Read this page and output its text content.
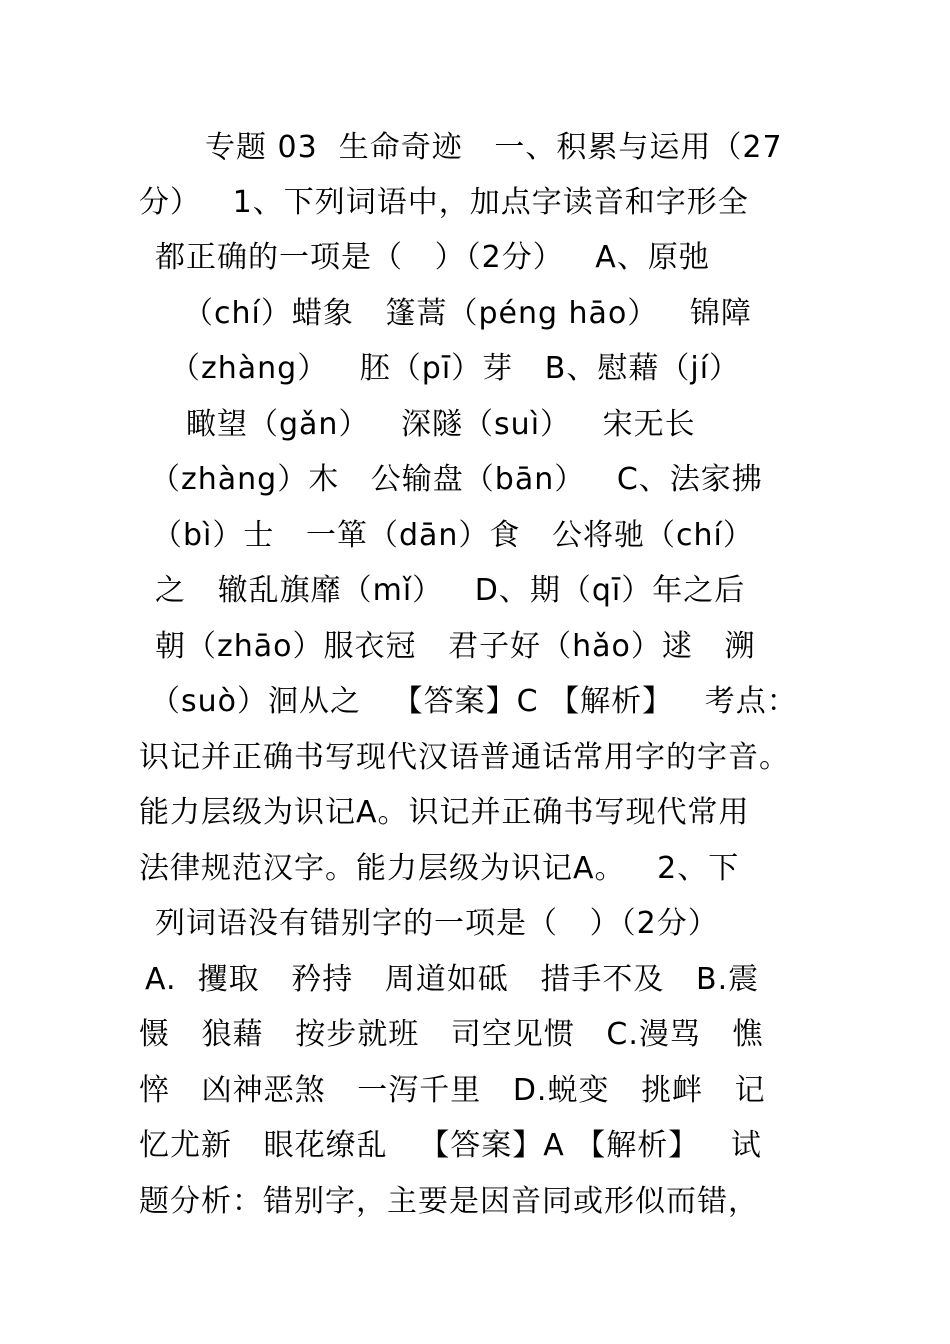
专题 03  生命奇迹   一、积累与运用（27
分）   1、下列词语中，加点字读音和字形全
都正确的一项是（   ）（2分）   A、原弛
（chí）蜡象   篷蒿（péng hāo）   锦障
（zhàng）   胚（pī）芽   B、慰藉（jí）
瞰望（gǎn）   深隧（suì）   宋无长
（zhàng）木   公输盘（bān）   C、法家拂
（bì）士   一箪（dān）食   公将驰（chí）
之   辙乱旗靡（mǐ）   D、期（qī）年之后
朝（zhāo）服衣冠   君子好（hǎo）逑   溯
（suò）洄从之   【答案】C 【解析】   考点：
识记并正确书写现代汉语普通话常用字的字音。
能力层级为识记A。识记并正确书写现代常用
法律规范汉字。能力层级为识记A。   2、下
列词语没有错别字的一项是（   ）（2分）
A.  攫取   矜持   周道如砥   措手不及   B.震
慑   狼藉   按步就班   司空见惯   C.漫骂   憔
悴   凶神恶煞   一泻千里   D.蜕变   挑衅   记
忆尤新   眼花缭乱   【答案】A 【解析】   试
题分析：错别字，主要是因音同或形似而错，
